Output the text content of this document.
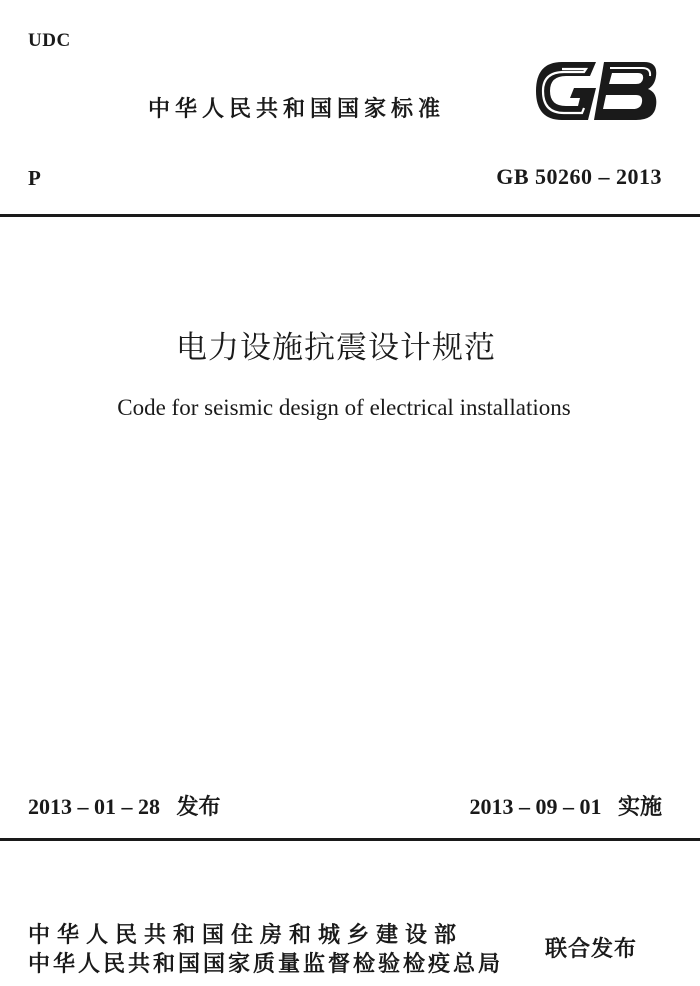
UDC
中华人民共和国国家标准
P	GB 50260 – 2013
电力设施抗震设计规范
Code for seismic design of electrical installations
2013 – 01 – 28 发布	2013 – 09 – 01 实施
中华人民共和国住房和城乡建设部
中华人民共和国国家质量监督检验检疫总局
联合发布
